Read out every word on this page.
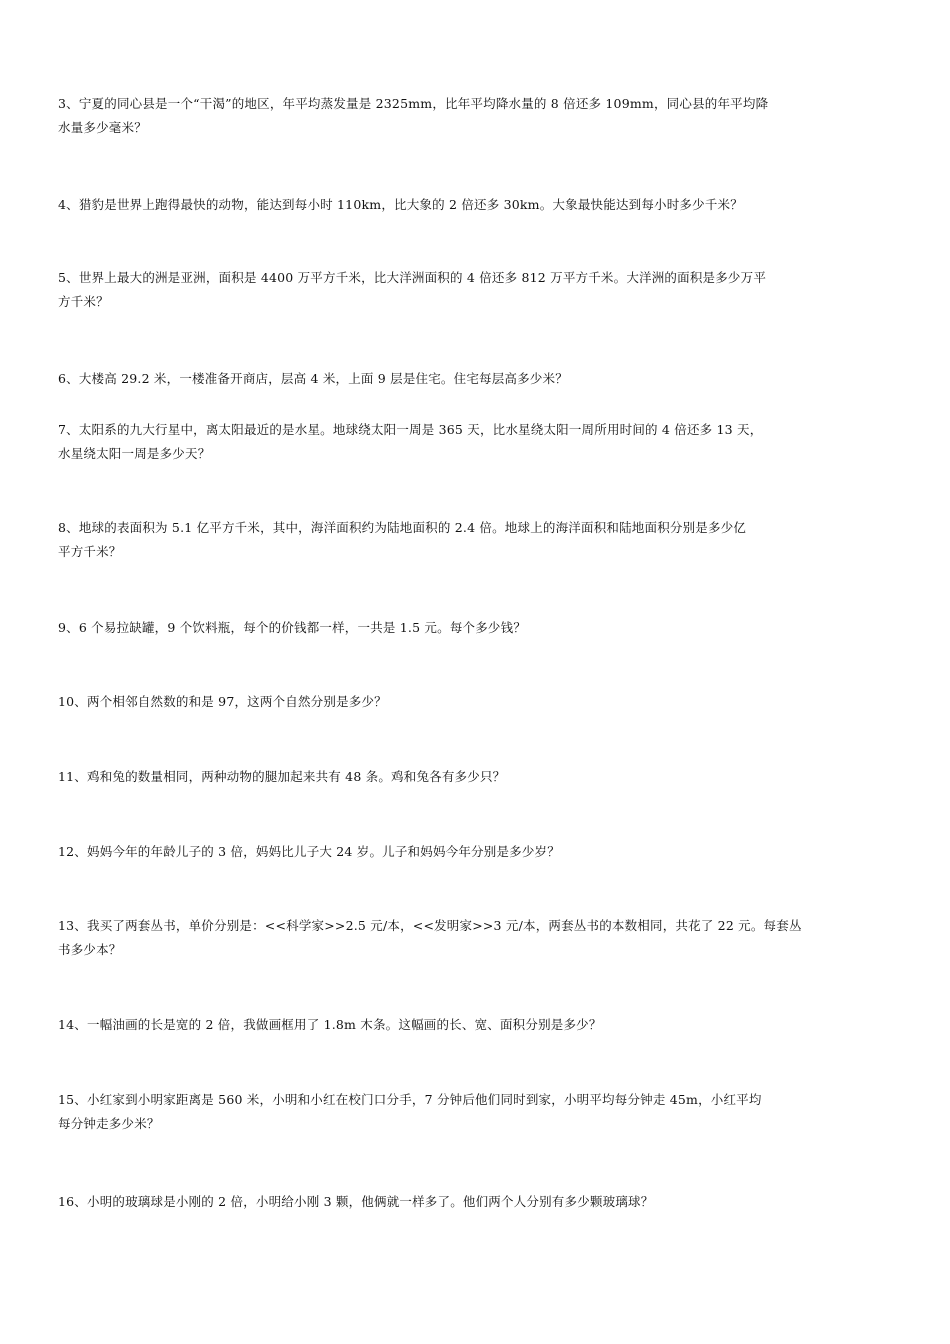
3、宁夏的同心县是一个“干渴”的地区，年平均蒸发量是 2325mm，比年平均降水量的 8 倍还多 109mm，同心县的年平均降
水量多少毫米？

4、猎豹是世界上跑得最快的动物，能达到每小时 110km，比大象的 2 倍还多 30km。大象最快能达到每小时多少千米？

5、世界上最大的洲是亚洲，面积是 4400 万平方千米，比大洋洲面积的 4 倍还多 812 万平方千米。大洋洲的面积是多少万平
方千米？

6、大楼高 29.2 米，一楼准备开商店，层高 4 米，上面 9 层是住宅。住宅每层高多少米？

7、太阳系的九大行星中，离太阳最近的是水星。地球绕太阳一周是 365 天，比水星绕太阳一周所用时间的 4 倍还多 13 天，
水星绕太阳一周是多少天？

8、地球的表面积为 5.1 亿平方千米，其中，海洋面积约为陆地面积的 2.4 倍。地球上的海洋面积和陆地面积分别是多少亿
平方千米？

9、6 个易拉缺罐，9 个饮料瓶，每个的价钱都一样，一共是 1.5 元。每个多少钱？

10、两个相邻自然数的和是 97，这两个自然分别是多少？

11、鸡和兔的数量相同，两种动物的腿加起来共有 48 条。鸡和兔各有多少只？

12、妈妈今年的年龄儿子的 3 倍，妈妈比儿子大 24 岁。儿子和妈妈今年分别是多少岁？

13、我买了两套丛书，单价分别是：<<科学家>>2.5 元/本，<<发明家>>3 元/本，两套丛书的本数相同，共花了 22 元。每套丛
书多少本？

14、一幅油画的长是宽的 2 倍，我做画框用了 1.8m 木条。这幅画的长、宽、面积分别是多少？

15、小红家到小明家距离是 560 米，小明和小红在校门口分手，7 分钟后他们同时到家，小明平均每分钟走 45m，小红平均
每分钟走多少米？

16、小明的玻璃球是小刚的 2 倍，小明给小刚 3 颗，他俩就一样多了。他们两个人分别有多少颗玻璃球？
